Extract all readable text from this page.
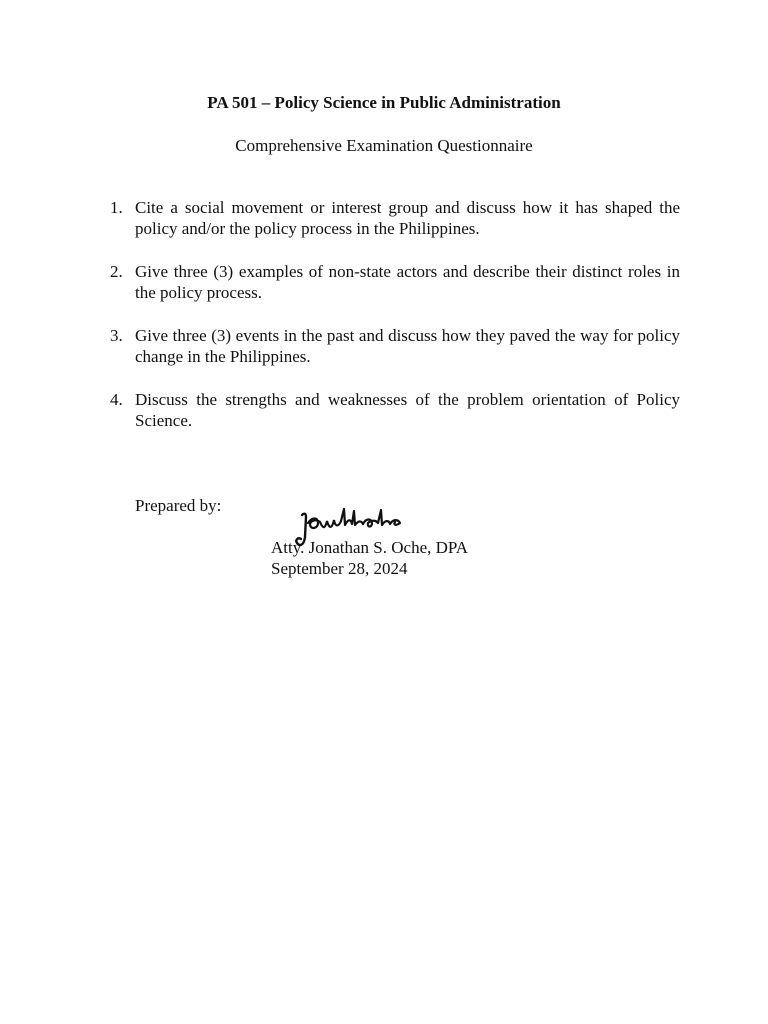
PA 501 – Policy Science in Public Administration
Comprehensive Examination Questionnaire
1. Cite a social movement or interest group and discuss how it has shaped the policy and/or the policy process in the Philippines.
2. Give three (3) examples of non-state actors and describe their distinct roles in the policy process.
3. Give three (3) events in the past and discuss how they paved the way for policy change in the Philippines.
4. Discuss the strengths and weaknesses of the problem orientation of Policy Science.
Prepared by:
Atty. Jonathan S. Oche, DPA
September 28, 2024
